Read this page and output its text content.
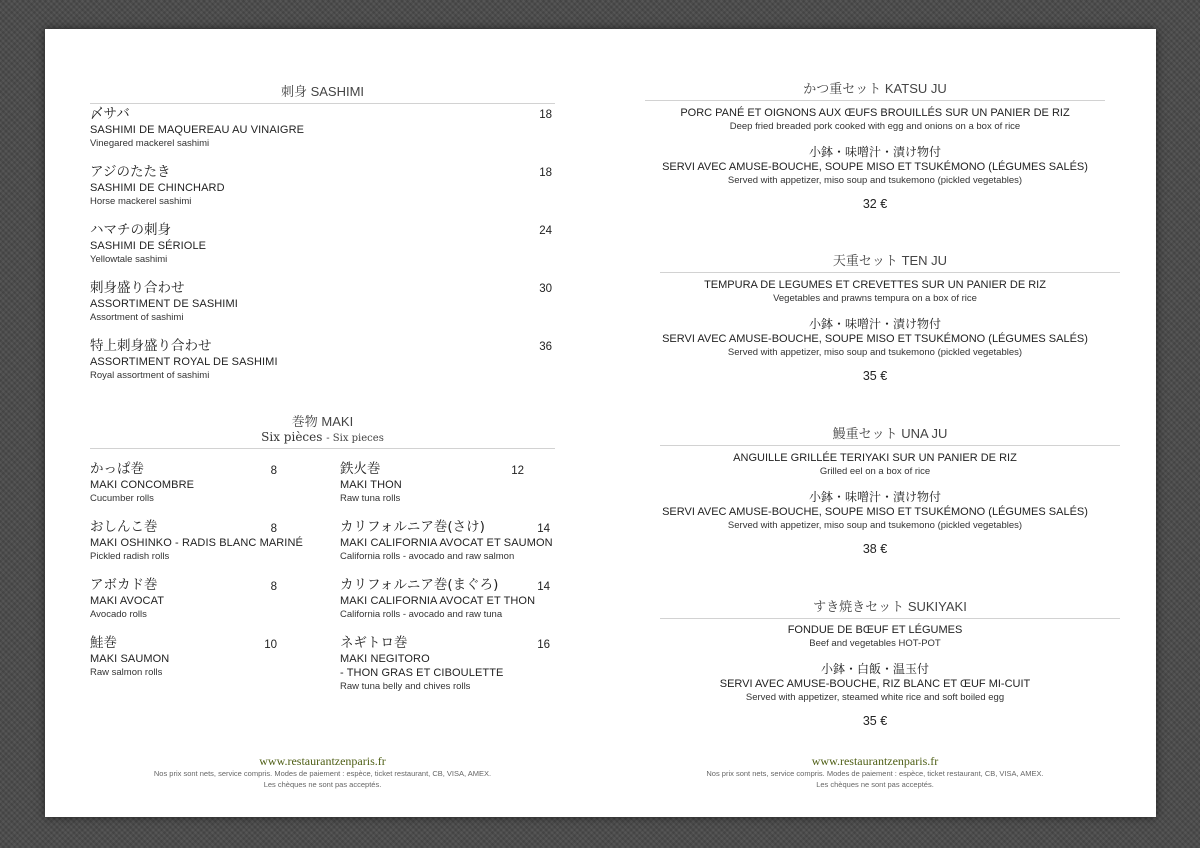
刺身 SASHIMI
〆サバ
SASHIMI DE MAQUEREAU AU VINAIGRE
Vinegared mackerel sashimi
18
アジのたたき
SASHIMI DE CHINCHARD
Horse mackerel sashimi
18
ハマチの刺身
SASHIMI DE SÉRIOLE
Yellowtale sashimi
24
刺身盛り合わせ
ASSORTIMENT DE SASHIMI
Assortment of sashimi
30
特上刺身盛り合わせ
ASSORTIMENT ROYAL DE SASHIMI
Royal assortment of sashimi
36
巻物 MAKI
Six pièces - Six pieces
かっぱ巻
MAKI CONCOMBRE
Cucumber rolls
8
おしんこ巻
MAKI OSHINKO - RADIS BLANC MARINÉ
Pickled radish rolls
8
アボカド巻
MAKI AVOCAT
Avocado rolls
8
鮭巻
MAKI SAUMON
Raw salmon rolls
10
鉄火巻
MAKI THON
Raw tuna rolls
12
カリフォルニア巻(さけ)
MAKI CALIFORNIA AVOCAT ET SAUMON
California rolls - avocado and raw salmon
14
カリフォルニア巻(まぐろ)
MAKI CALIFORNIA AVOCAT ET THON
California rolls - avocado and raw tuna
14
ネギトロ巻
MAKI NEGITORO
- THON GRAS ET CIBOULETTE
Raw tuna belly and chives rolls
16
www.restaurantzenparis.fr
Nos prix sont nets, service compris. Modes de paiement : espèce, ticket restaurant, CB, VISA, AMEX.
Les chèques ne sont pas acceptés.
かつ重セット KATSU JU
PORC PANÉ ET OIGNONS AUX ŒUFS BROUILLÉS SUR UN PANIER DE RIZ
Deep fried breaded pork cooked with egg and onions on a box of rice
小鉢・味噌汁・漬け物付
SERVI AVEC AMUSE-BOUCHE, SOUPE MISO ET TSUKÉMONO (LÉGUMES SALÉS)
Served with appetizer, miso soup and tsukemono (pickled vegetables)
32 €
天重セット TEN JU
TEMPURA DE LEGUMES ET CREVETTES SUR UN PANIER DE RIZ
Vegetables and prawns tempura on a box of rice
小鉢・味噌汁・漬け物付
SERVI AVEC AMUSE-BOUCHE, SOUPE MISO ET TSUKÉMONO (LÉGUMES SALÉS)
Served with appetizer, miso soup and tsukemono (pickled vegetables)
35 €
鰻重セット UNA JU
ANGUILLE GRILLÉE TERIYAKI SUR UN PANIER DE RIZ
Grilled eel on a box of rice
小鉢・味噌汁・漬け物付
SERVI AVEC AMUSE-BOUCHE, SOUPE MISO ET TSUKÉMONO (LÉGUMES SALÉS)
Served with appetizer, miso soup and tsukemono (pickled vegetables)
38 €
すき焼きセット SUKIYAKI
FONDUE DE BŒUF ET LÉGUMES
Beef and vegetables HOT-POT
小鉢・白飯・温玉付
SERVI AVEC AMUSE-BOUCHE, RIZ BLANC ET ŒUF MI-CUIT
Served with appetizer, steamed white rice and soft boiled egg
35 €
www.restaurantzenparis.fr
Nos prix sont nets, service compris. Modes de paiement : espèce, ticket restaurant, CB, VISA, AMEX.
Les chèques ne sont pas acceptés.
